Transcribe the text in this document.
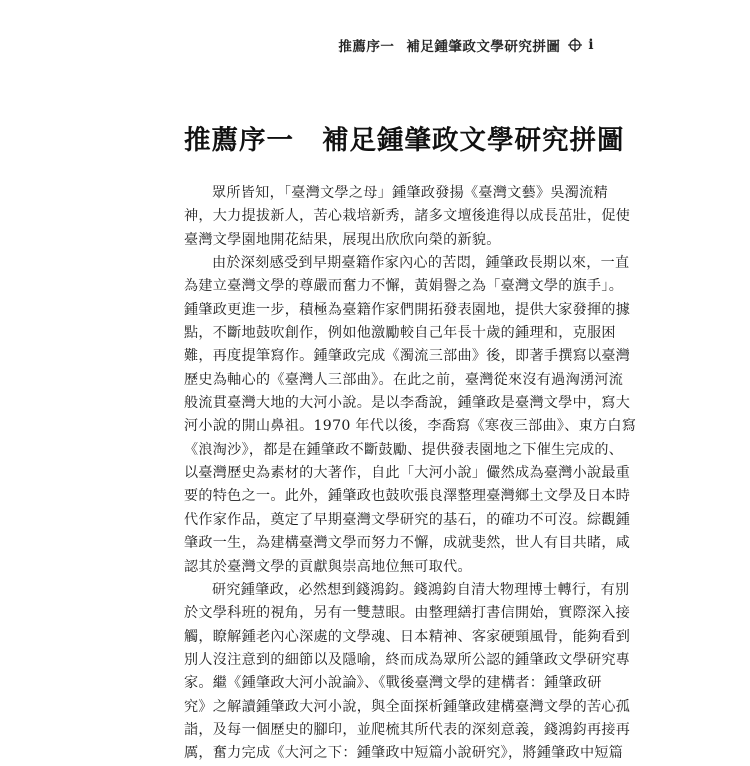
推薦序一 補足鍾肇政文學研究拼圖 i
推薦序一 補足鍾肇政文學研究拼圖
眾所皆知，「臺灣文學之母」鍾肇政發揚《臺灣文藝》吳濁流精
神，大力提拔新人，苦心栽培新秀，諸多文壇後進得以成長茁壯，促使
臺灣文學園地開花結果，展現出欣欣向榮的新貌。
由於深刻感受到早期臺籍作家內心的苦悶，鍾肇政長期以來，一直
為建立臺灣文學的尊嚴而奮力不懈，黃娟譽之為「臺灣文學的旗手」。
鍾肇政更進一步，積極為臺籍作家們開拓發表園地，提供大家發揮的據
點，不斷地鼓吹創作，例如他激勵較自己年長十歲的鍾理和，克服困
難，再度提筆寫作。鍾肇政完成《濁流三部曲》後，即著手撰寫以臺灣
歷史為軸心的《臺灣人三部曲》。在此之前，臺灣從來沒有過洶湧河流
般流貫臺灣大地的大河小說。是以李喬說，鍾肇政是臺灣文學中，寫大
河小說的開山鼻祖。1970 年代以後，李喬寫《寒夜三部曲》、東方白寫
《浪淘沙》，都是在鍾肇政不斷鼓勵、提供發表園地之下催生完成的、
以臺灣歷史為素材的大著作，自此「大河小說」儼然成為臺灣小說最重
要的特色之一。此外，鍾肇政也鼓吹張良澤整理臺灣鄉土文學及日本時
代作家作品，奠定了早期臺灣文學研究的基石，的確功不可沒。綜觀鍾
肇政一生，為建構臺灣文學而努力不懈，成就斐然，世人有目共睹，咸
認其於臺灣文學的貢獻與崇高地位無可取代。
研究鍾肇政，必然想到錢鴻鈞。錢鴻鈞自清大物理博士轉行，有別
於文學科班的視角，另有一雙慧眼。由整理繕打書信開始，實際深入接
觸，瞭解鍾老內心深處的文學魂、日本精神、客家硬頸風骨，能夠看到
別人沒注意到的細節以及隱喻，終而成為眾所公認的鍾肇政文學研究專
家。繼《鍾肇政大河小說論》、《戰後臺灣文學的建構者：鍾肇政研
究》之解讀鍾肇政大河小說，與全面探析鍾肇政建構臺灣文學的苦心孤
詣，及每一個歷史的腳印，並爬梳其所代表的深刻意義，錢鴻鈞再接再
厲，奮力完成《大河之下：鍾肇政中短篇小說研究》，將鍾肇政中短篇
